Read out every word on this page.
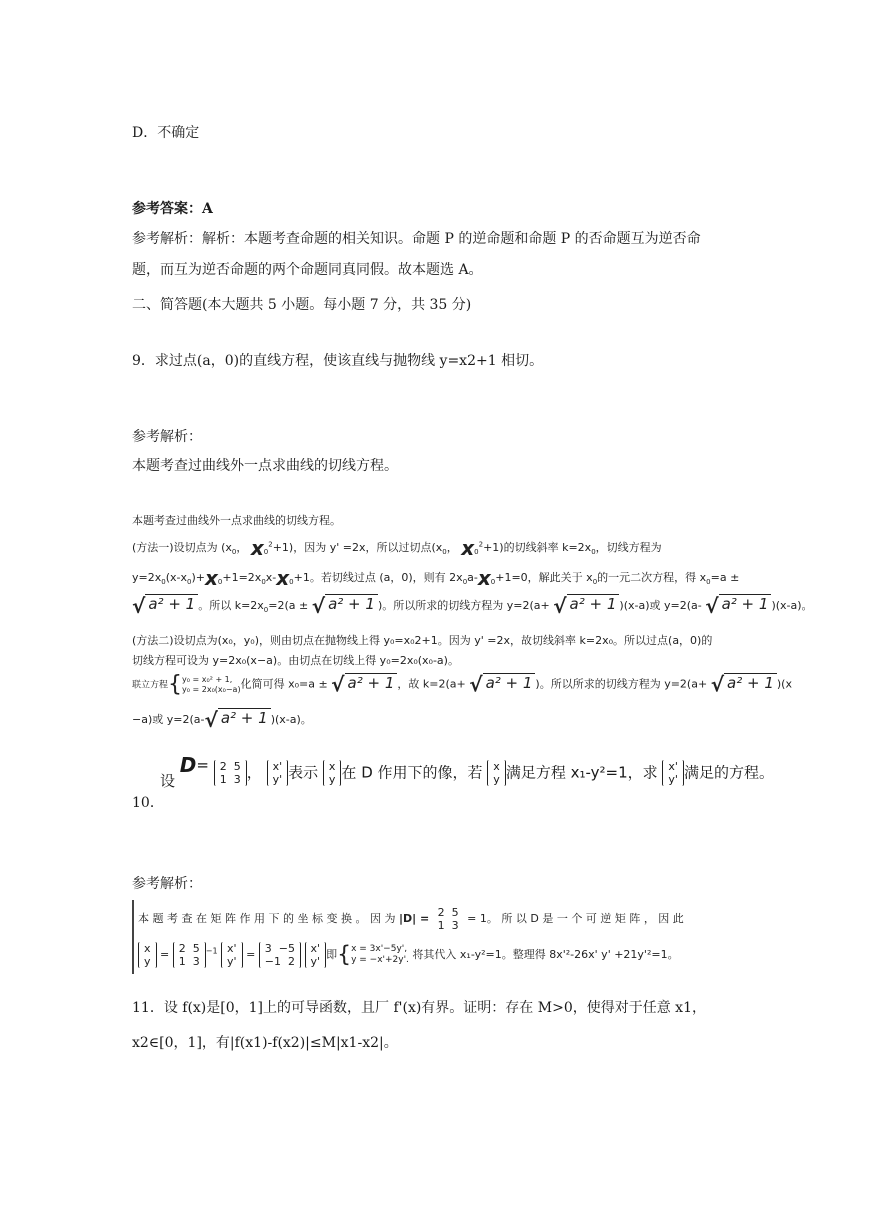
D．不确定
参考答案：A
参考解析：解析：本题考查命题的相关知识。命题 P 的逆命题和命题 P 的否命题互为逆否命
题，而互为逆否命题的两个命题同真同假。故本题选 A。
二、简答题(本大题共 5 小题。每小题 7 分，共 35 分)
9．求过点(a，0)的直线方程，使该直线与抛物线 y=x2+1 相切。
参考解析：
本题考查过曲线外一点求曲线的切线方程。
本题考查过曲线外一点求曲线的切线方程。
(方法一)设切点为 ($x_0$， $x_0^2+1$)，因为 y' =2x，所以过切点($x_0$， $x_0^2+1$)的切线斜率 $k=2x_0$，切线方程为
$y=2x_0(x-x_0)+x_0+1=2x_0x-x_0+1$。若切线过点 (a，0)，则有 $2x_0a-x_0+1=0$，解此关于 $x_0$的一元二次方程，得 $x_0=a$ ±
√ a² + 1 。所以 $k=2x_0=2(a$ ± √ a² + 1 )。所以所求的切线方程为 y=2(a+ √ a² + 1 )(x-a)或 y=2(a- √ a² + 1 )(x-a)。
(方法二)设切点为(x₀，y₀)，则由切点在抛物线上得 y₀=x₀2+1。因为 y' =2x，故切线斜率 k=2x₀。所以过点(a，0)的
切线方程可设为 y=2x₀(x−a)。由切点在切线上得 y₀=2x₀(x₀-a)。
联立方程{y₀ = x₀² + 1,
y₀ = 2x₀(x₀−a)化简可得 x₀=a ± √ a² + 1 ，故 k=2(a+ √ a² + 1 )。所以所求的切线方程为 y=2(a+ √ a² + 1 )(x
−a)或 y=2(a-√ a² + 1 )(x-a)。
设 D= 2 5
1 3 ， x'
y' 表示 x
y 在 D 作用下的像，若 x
y 满足方程 x₁-y²=1，求 x'
y' 满足的方程。
10．
参考解析：
本 题 考 查 在 矩 阵 作 用 下 的 坐 标 变 换 。 因 为 |D| = 2 5
1 3 = 1。 所 以 D 是 一 个 可 逆 矩 阵 ， 因 此
x
y = 2 5
1 $3^{-1}$ x'
y' = 3 −5
−1 2 x'
y'即{x = 3x'−5y',
y = −x'+2y'. 将其代入 x₁-y²=1。整理得 8x'²-26x' y' +21y'²=1。
11．设 f(x)是[0，1]上的可导函数，且厂 f'(x)有界。证明：存在 M>0，使得对于任意 x1，
x2∈[0，1]，有|f(x1)-f(x2)|≤M|x1-x2|。
